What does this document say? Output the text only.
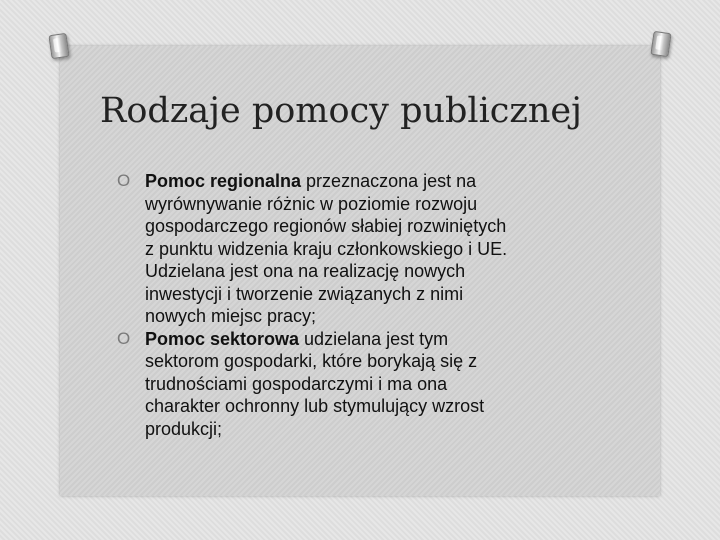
Rodzaje pomocy publicznej
O Pomoc regionalna przeznaczona jest na
wyrównywanie różnic w poziomie rozwoju
gospodarczego regionów słabiej rozwiniętych
z punktu widzenia kraju członkowskiego i UE.
Udzielana jest ona na realizację nowych
inwestycji i tworzenie związanych z nimi
nowych miejsc pracy;
O Pomoc sektorowa udzielana jest tym
sektorom gospodarki, które borykają się z
trudnościami gospodarczymi i ma ona
charakter ochronny lub stymulujący wzrost
produkcji;
